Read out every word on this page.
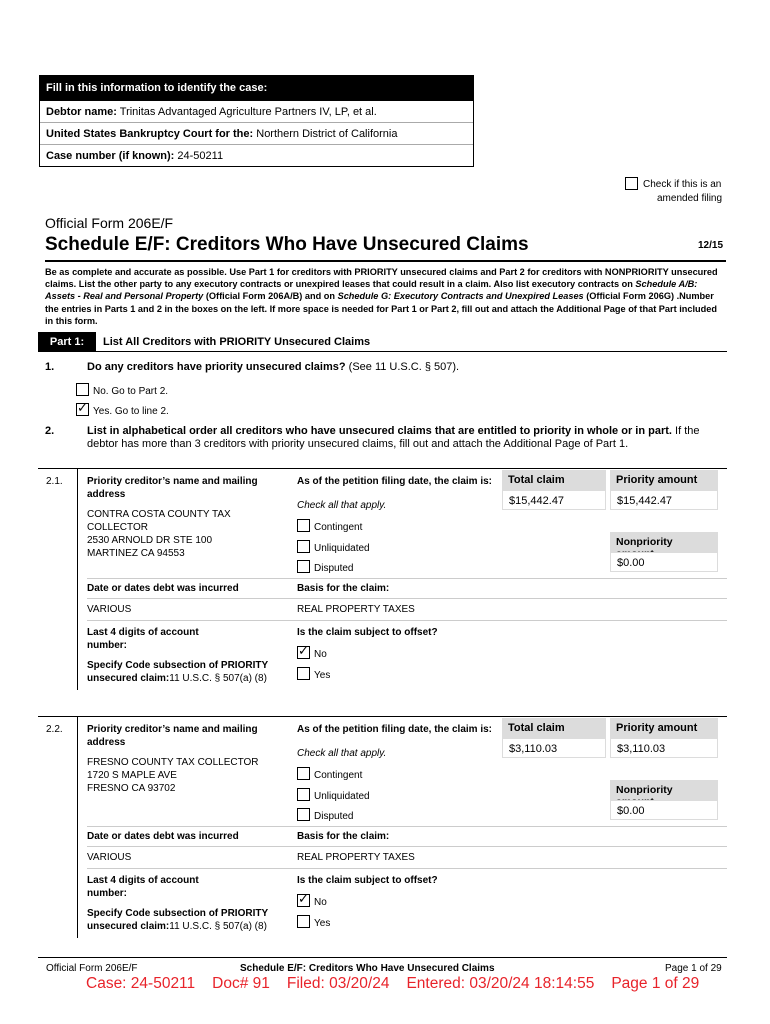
Fill in this information to identify the case:
Debtor name: Trinitas Advantaged Agriculture Partners IV, LP, et al.
United States Bankruptcy Court for the: Northern District of California
Case number (if known): 24-50211
Check if this is an
amended filing
Official Form 206E/F
Schedule E/F: Creditors Who Have Unsecured Claims	12/15
Be as complete and accurate as possible. Use Part 1 for creditors with PRIORITY unsecured claims and Part 2 for creditors with NONPRIORITY unsecured claims. List the other party to any executory contracts or unexpired leases that could result in a claim. Also list executory contracts on Schedule A/B: Assets - Real and Personal Property (Official Form 206A/B) and on Schedule G: Executory Contracts and Unexpired Leases (Official Form 206G) .Number the entries in Parts 1 and 2 in the boxes on the left. If more space is needed for Part 1 or Part 2, fill out and attach the Additional Page of that Part included in this form.
Part 1:	List All Creditors with PRIORITY Unsecured Claims
1.	Do any creditors have priority unsecured claims? (See 11 U.S.C. § 507).
No. Go to Part 2.
✓Yes. Go to line 2.
2.	List in alphabetical order all creditors who have unsecured claims that are entitled to priority in whole or in part. If the debtor has more than 3 creditors with priority unsecured claims, fill out and attach the Additional Page of Part 1.
2.1. Priority creditor’s name and mailing address
CONTRA COSTA COUNTY TAX
COLLECTOR
2530 ARNOLD DR STE 100
MARTINEZ CA 94553
As of the petition filing date, the claim is:
Check all that apply.
Contingent
Unliquidated
Disputed
Total claim
$15,442.47
Priority amount
$15,442.47
Nonpriority
$0.00
Date or dates debt was incurred	Basis for the claim:
VARIOUS	REAL PROPERTY TAXES
Last 4 digits of account number:
Is the claim subject to offset?
✓No
Yes
Specify Code subsection of PRIORITY unsecured claim:11 U.S.C. § 507(a) (8)
2.2. Priority creditor’s name and mailing address
FRESNO COUNTY TAX COLLECTOR
1720 S MAPLE AVE
FRESNO CA 93702
As of the petition filing date, the claim is:
Check all that apply.
Contingent
Unliquidated
Disputed
Total claim
$3,110.03
Priority amount
$3,110.03
Nonpriority
$0.00
Date or dates debt was incurred	Basis for the claim:
VARIOUS	REAL PROPERTY TAXES
Last 4 digits of account number:
Is the claim subject to offset?
✓No
Yes
Specify Code subsection of PRIORITY unsecured claim:11 U.S.C. § 507(a) (8)
Official Form 206E/F	Schedule E/F: Creditors Who Have Unsecured Claims	Page 1 of 29
Case: 24-50211 Doc# 91 Filed: 03/20/24 Entered: 03/20/24 18:14:55 Page 1 of 29
